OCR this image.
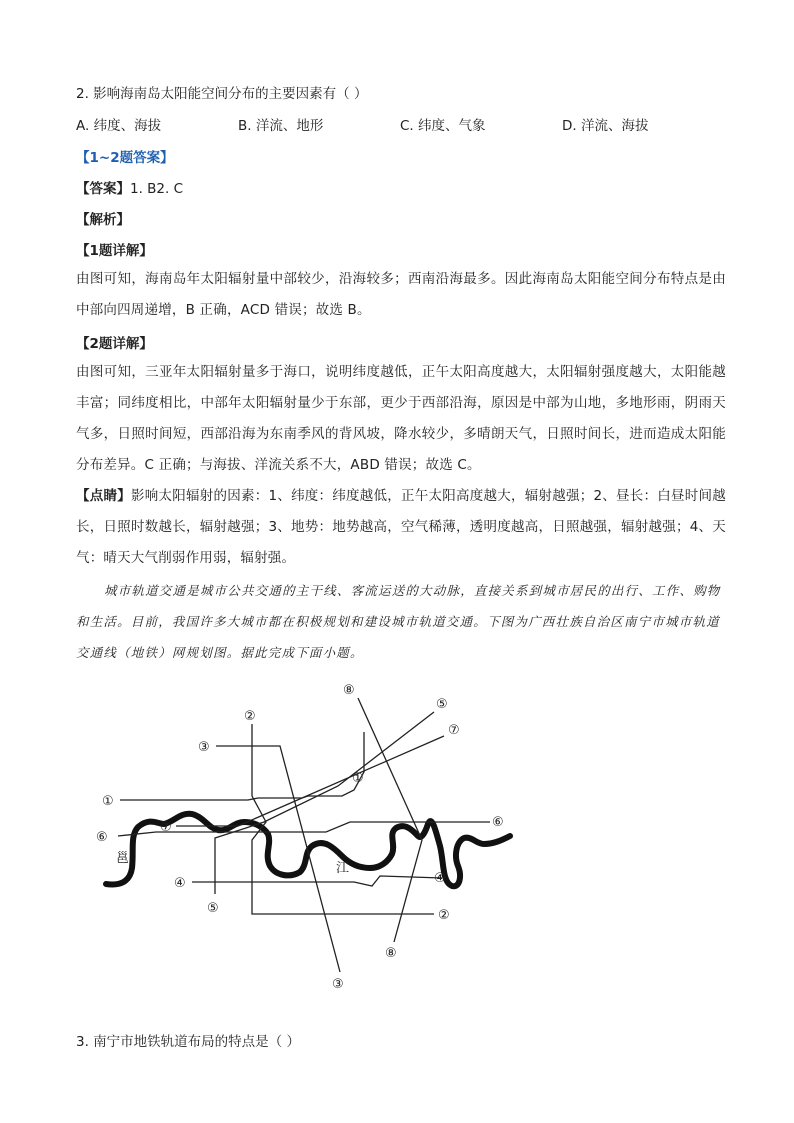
2. 影响海南岛太阳能空间分布的主要因素有（ ）
A. 纬度、海拔	B. 洋流、地形	C. 纬度、气象	D. 洋流、海拔
【1~2题答案】
【答案】1. B2. C
【解析】
【1题详解】
由图可知，海南岛年太阳辐射量中部较少，沿海较多；西南沿海最多。因此海南岛太阳能空间分布特点是由中部向四周递增，B 正确，ACD 错误；故选 B。
【2题详解】
由图可知，三亚年太阳辐射量多于海口，说明纬度越低，正午太阳高度越大，太阳辐射强度越大，太阳能越丰富；同纬度相比，中部年太阳辐射量少于东部，更少于西部沿海，原因是中部为山地，多地形雨，阴雨天气多，日照时间短，西部沿海为东南季风的背风坡，降水较少，多晴朗天气，日照时间长，进而造成太阳能分布差异。C 正确；与海拔、洋流关系不大，ABD 错误；故选 C。
【点睛】影响太阳辐射的因素：1、纬度：纬度越低，正午太阳高度越大，辐射越强；2、昼长：白昼时间越长，日照时数越长，辐射越强；3、地势：地势越高，空气稀薄，透明度越高，日照越强，辐射越强；4、天气：晴天大气削弱作用弱，辐射强。
城市轨道交通是城市公共交通的主干线、客流运送的大动脉，直接关系到城市居民的出行、工作、购物和生活。目前，我国许多大城市都在积极规划和建设城市轨道交通。下图为广西壮族自治区南宁市城市轨道交通线（地铁）网规划图。据此完成下面小题。
⑧
⑤
②
⑦
③
①
①
⑦
⑥
⑥
④	④
⑤	②
⑧
③
邕
江
3. 南宁市地铁轨道布局的特点是（ ）
